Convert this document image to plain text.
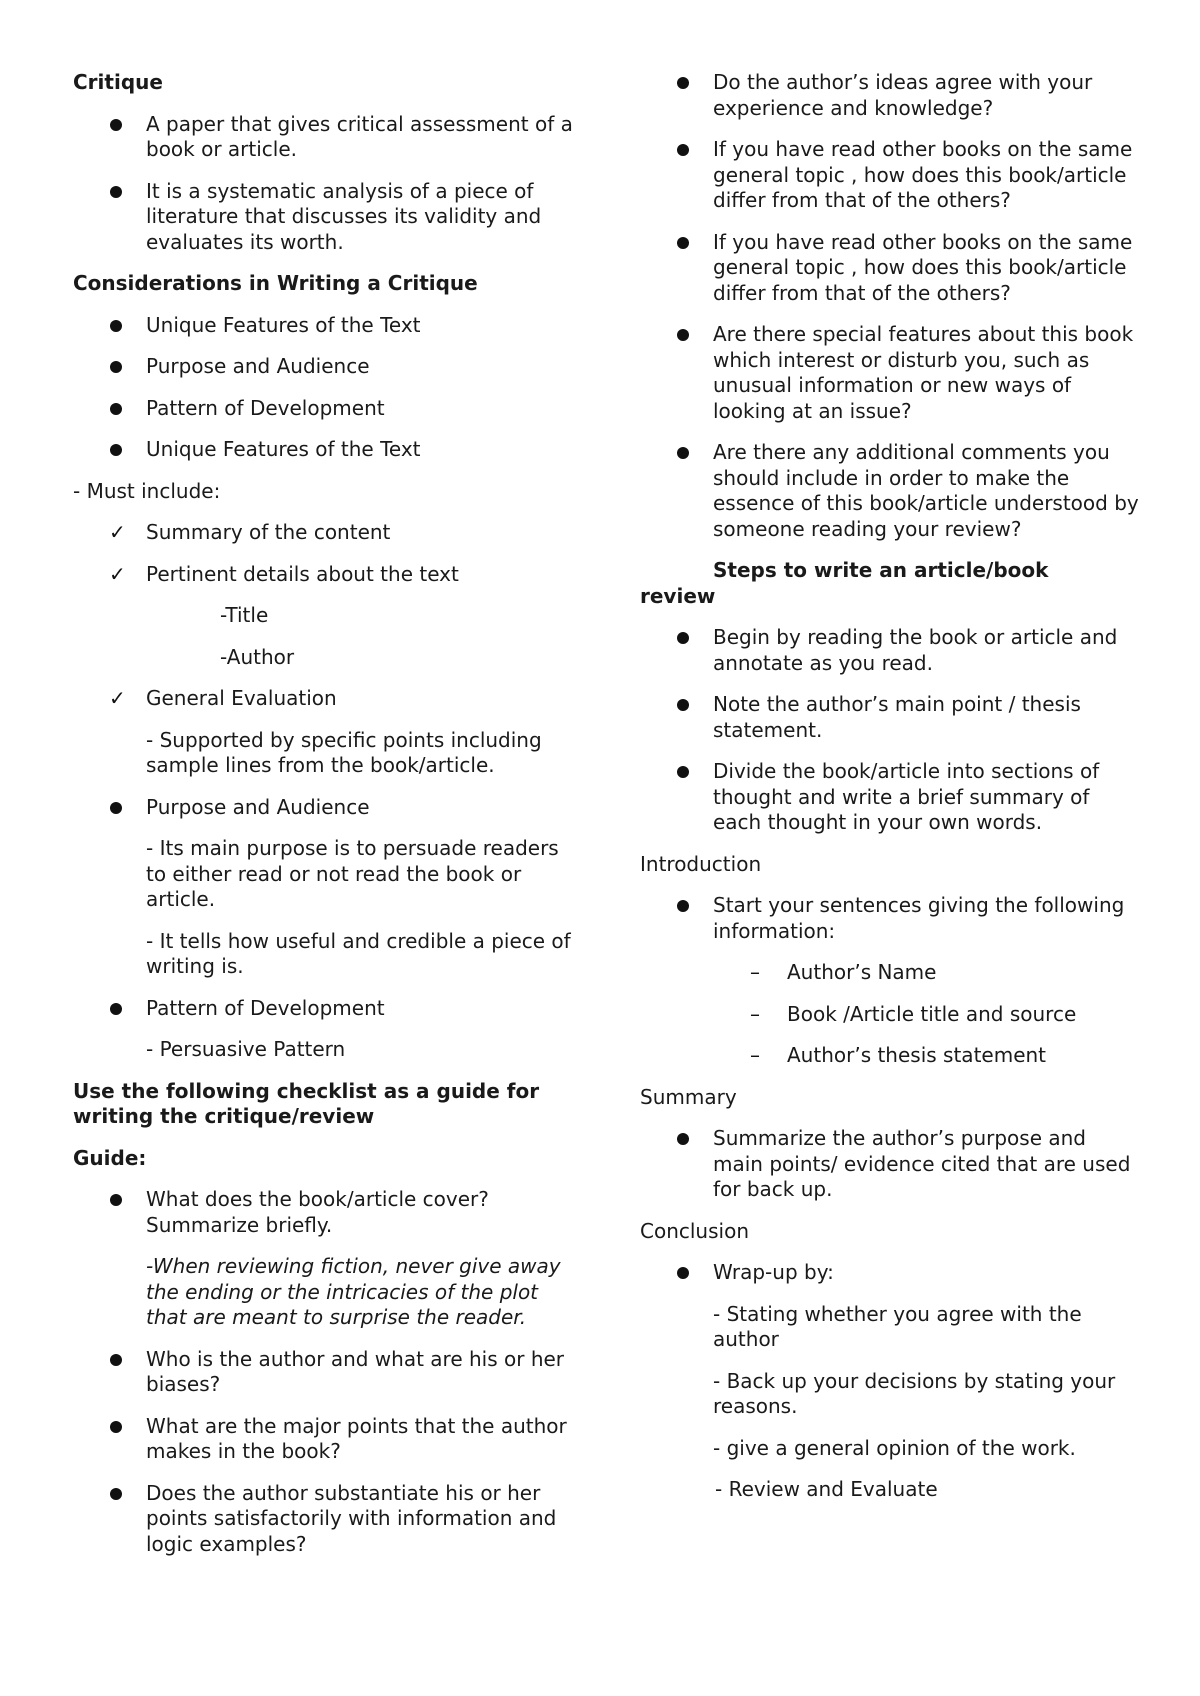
Critique
A paper that gives critical assessment of a book or article.
It is a systematic analysis of a piece of literature that discusses its validity and evaluates its worth.
Considerations in Writing a Critique
Unique Features of the Text
Purpose and Audience
Pattern of Development
Unique Features of the Text
- Must include:
✓ Summary of the content
✓ Pertinent details about the text
-Title
-Author
✓ General Evaluation
- Supported by specific points including sample lines from the book/article.
Purpose and Audience
- Its main purpose is to persuade readers to either read or not read the book or article.
- It tells how useful and credible a piece of writing is.
Pattern of Development
- Persuasive Pattern
Use the following checklist as a guide for writing the critique/review
Guide:
What does the book/article cover? Summarize briefly.
-When reviewing fiction, never give away the ending or the intricacies of the plot that are meant to surprise the reader.
Who is the author and what are his or her biases?
What are the major points that the author makes in the book?
Does the author substantiate his or her points satisfactorily with information and logic examples?
Do the author’s ideas agree with your experience and knowledge?
If you have read other books on the same general topic , how does this book/article differ from that of the others?
If you have read other books on the same general topic , how does this book/article differ from that of the others?
Are there special features about this book which interest or disturb you, such as unusual information or new ways of looking at an issue?
Are there any additional comments you should include in order to make the essence of this book/article understood by someone reading your review?
Steps to write an article/book
review
Begin by reading the book or article and annotate as you read.
Note the author’s main point / thesis statement.
Divide the book/article into sections of thought and write a brief summary of each thought in your own words.
Introduction
Start your sentences giving the following information:
– Author’s Name
– Book /Article title and source
– Author’s thesis statement
Summary
Summarize the author’s purpose and main points/ evidence cited that are used for back up.
Conclusion
Wrap-up by:
- Stating whether you agree with the author
- Back up your decisions by stating your reasons.
- give a general opinion of the work.
- Review and Evaluate
